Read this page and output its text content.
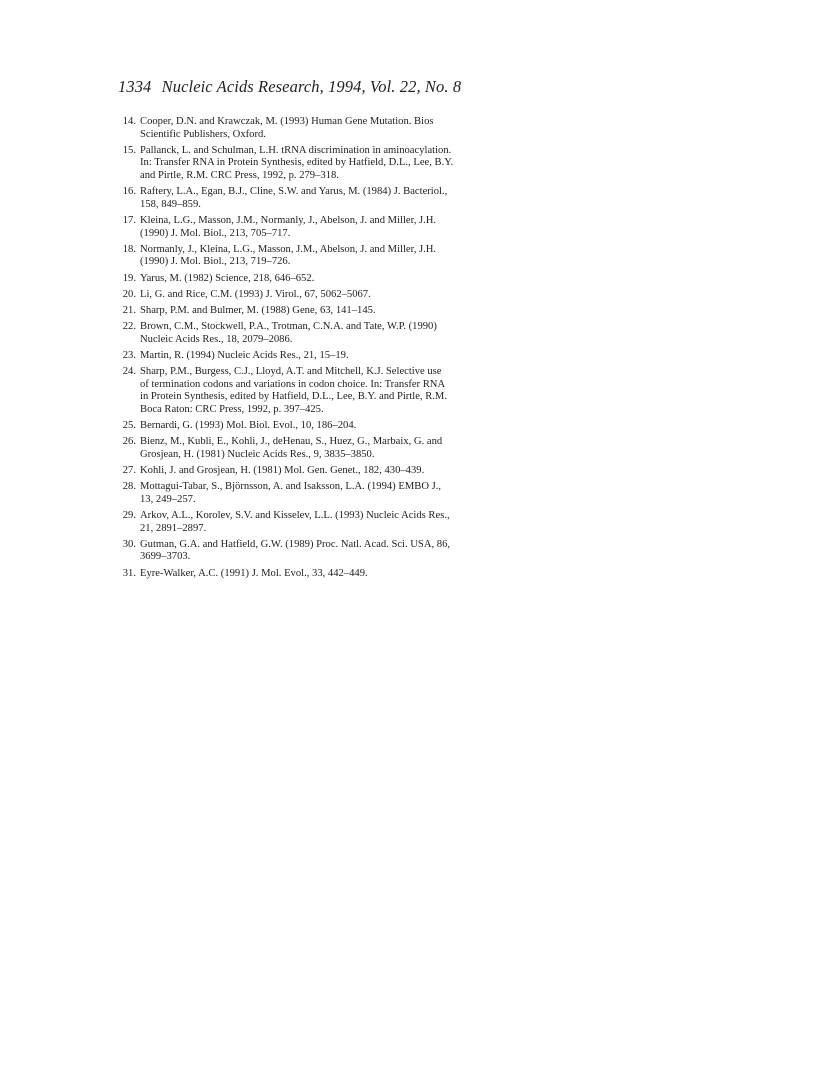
1334 Nucleic Acids Research, 1994, Vol. 22, No. 8
14. Cooper, D.N. and Krawczak, M. (1993) Human Gene Mutation. Bios
Scientific Publishers, Oxford.
15. Pallanck, L. and Schulman, L.H. tRNA discrimination in aminoacylation.
In: Transfer RNA in Protein Synthesis, edited by Hatfield, D.L., Lee, B.Y.
and Pirtle, R.M. CRC Press, 1992, p. 279–318.
16. Raftery, L.A., Egan, B.J., Cline, S.W. and Yarus, M. (1984) J. Bacteriol.,
158, 849–859.
17. Kleina, L.G., Masson, J.M., Normanly, J., Abelson, J. and Miller, J.H.
(1990) J. Mol. Biol., 213, 705–717.
18. Normanly, J., Kleina, L.G., Masson, J.M., Abelson, J. and Miller, J.H.
(1990) J. Mol. Biol., 213, 719–726.
19. Yarus, M. (1982) Science, 218, 646–652.
20. Li, G. and Rice, C.M. (1993) J. Virol., 67, 5062–5067.
21. Sharp, P.M. and Bulmer, M. (1988) Gene, 63, 141–145.
22. Brown, C.M., Stockwell, P.A., Trotman, C.N.A. and Tate, W.P. (1990)
Nucleic Acids Res., 18, 2079–2086.
23. Martin, R. (1994) Nucleic Acids Res., 21, 15–19.
24. Sharp, P.M., Burgess, C.J., Lloyd, A.T. and Mitchell, K.J. Selective use
of termination codons and variations in codon choice. In: Transfer RNA
in Protein Synthesis, edited by Hatfield, D.L., Lee, B.Y. and Pirtle, R.M.
Boca Raton: CRC Press, 1992, p. 397–425.
25. Bernardi, G. (1993) Mol. Biol. Evol., 10, 186–204.
26. Bienz, M., Kubli, E., Kohli, J., deHenau, S., Huez, G., Marbaix, G. and
Grosjean, H. (1981) Nucleic Acids Res., 9, 3835–3850.
27. Kohli, J. and Grosjean, H. (1981) Mol. Gen. Genet., 182, 430–439.
28. Mottagui-Tabar, S., Björnsson, A. and Isaksson, L.A. (1994) EMBO J.,
13, 249–257.
29. Arkov, A.L., Korolev, S.V. and Kisselev, L.L. (1993) Nucleic Acids Res.,
21, 2891–2897.
30. Gutman, G.A. and Hatfield, G.W. (1989) Proc. Natl. Acad. Sci. USA, 86,
3699–3703.
31. Eyre-Walker, A.C. (1991) J. Mol. Evol., 33, 442–449.
